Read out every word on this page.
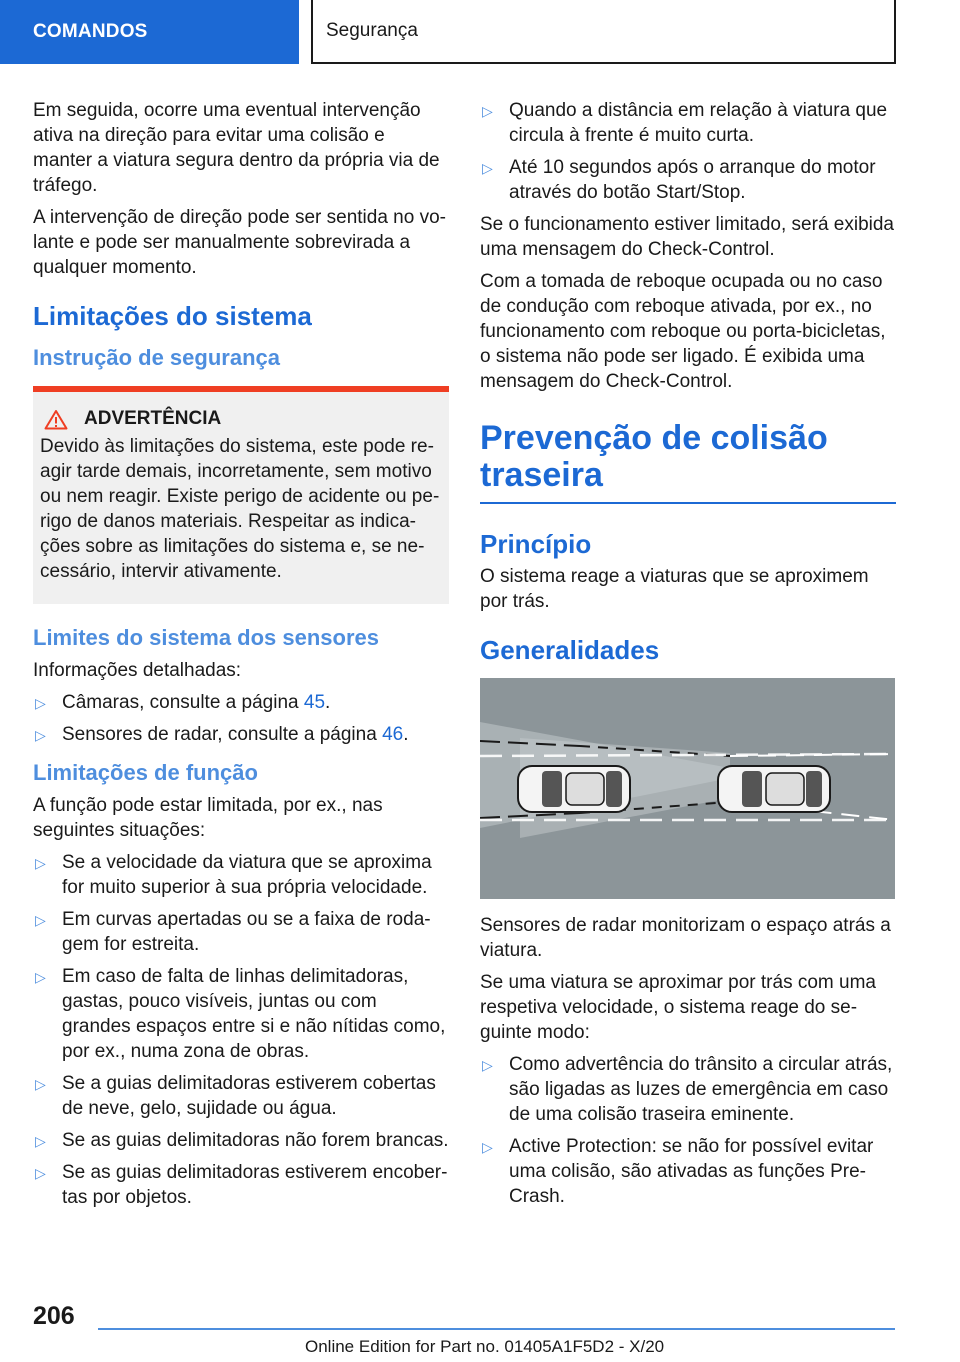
COMANDOS	Segurança

Em seguida, ocorre uma eventual intervenção ativa na direção para evitar uma colisão e manter a viatura segura dentro da própria via de tráfego.

A intervenção de direção pode ser sentida no volante e pode ser manualmente sobrevirada a qualquer momento.

Limitações do sistema
Instrução de segurança
ADVERTÊNCIA

Devido às limitações do sistema, este pode reagir tarde demais, incorretamente, sem motivo ou nem reagir. Existe perigo de acidente ou perigo de danos materiais. Respeitar as indicações sobre as limitações do sistema e, se necessário, intervir ativamente.

Limites do sistema dos sensores

Informações detalhadas:

▷ Câmaras, consulte a página 45.
▷ Sensores de radar, consulte a página 46.
Limitações de função

A função pode estar limitada, por ex., nas seguintes situações:

▷ Se a velocidade da viatura que se aproxima for muito superior à sua própria velocidade.
▷ Em curvas apertadas ou se a faixa de rodagem for estreita.
▷ Em caso de falta de linhas delimitadoras, gastas, pouco visíveis, juntas ou com grandes espaços entre si e não nítidas como, por ex., numa zona de obras.
▷ Se a guias delimitadoras estiverem cobertas de neve, gelo, sujidade ou água.
▷ Se as guias delimitadoras não forem brancas.
▷ Se as guias delimitadoras estiverem encobertas por objetos.
▷ Quando a distância em relação à viatura que circula à frente é muito curta.
▷ Até 10 segundos após o arranque do motor através do botão Start/Stop.

Se o funcionamento estiver limitado, será exibida uma mensagem do Check-Control.

Com a tomada de reboque ocupada ou no caso de condução com reboque ativada, por ex., no funcionamento com reboque ou porta-bicicletas, o sistema não pode ser ligado. É exibida uma mensagem do Check-Control.

Prevenção de colisão traseira
Princípio

O sistema reage a viaturas que se aproximem por trás.

Generalidades

Sensores de radar monitorizam o espaço atrás a viatura.

Se uma viatura se aproximar por trás com uma respetiva velocidade, o sistema reage do seguinte modo:

▷ Como advertência do trânsito a circular atrás, são ligadas as luzes de emergência em caso de uma colisão traseira eminente.
▷ Active Protection: se não for possível evitar uma colisão, são ativadas as funções Pre-Crash.
206
Online Edition for Part no. 01405A1F5D2 - X/20
